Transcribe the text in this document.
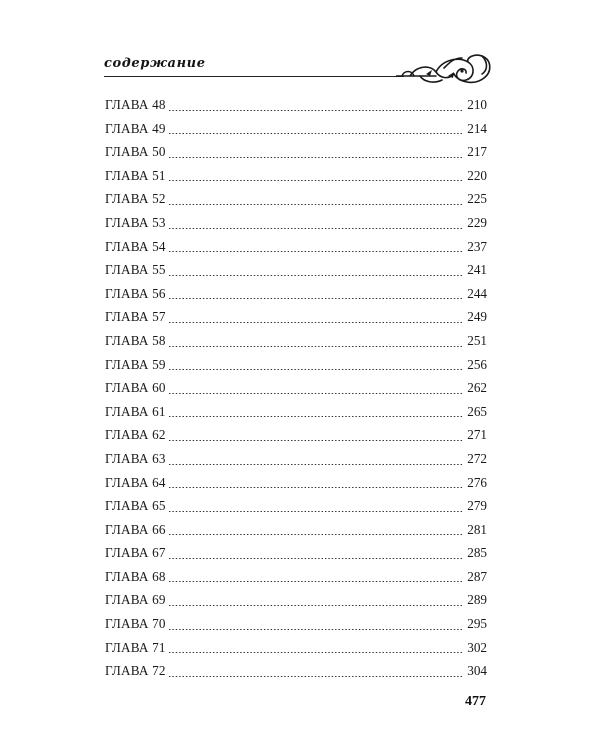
содержание
ГЛАВА 48	210
ГЛАВА 49	214
ГЛАВА 50	217
ГЛАВА 51	220
ГЛАВА 52	225
ГЛАВА 53	229
ГЛАВА 54	237
ГЛАВА 55	241
ГЛАВА 56	244
ГЛАВА 57	249
ГЛАВА 58	251
ГЛАВА 59	256
ГЛАВА 60	262
ГЛАВА 61	265
ГЛАВА 62	271
ГЛАВА 63	272
ГЛАВА 64	276
ГЛАВА 65	279
ГЛАВА 66	281
ГЛАВА 67	285
ГЛАВА 68	287
ГЛАВА 69	289
ГЛАВА 70	295
ГЛАВА 71	302
ГЛАВА 72	304
477
